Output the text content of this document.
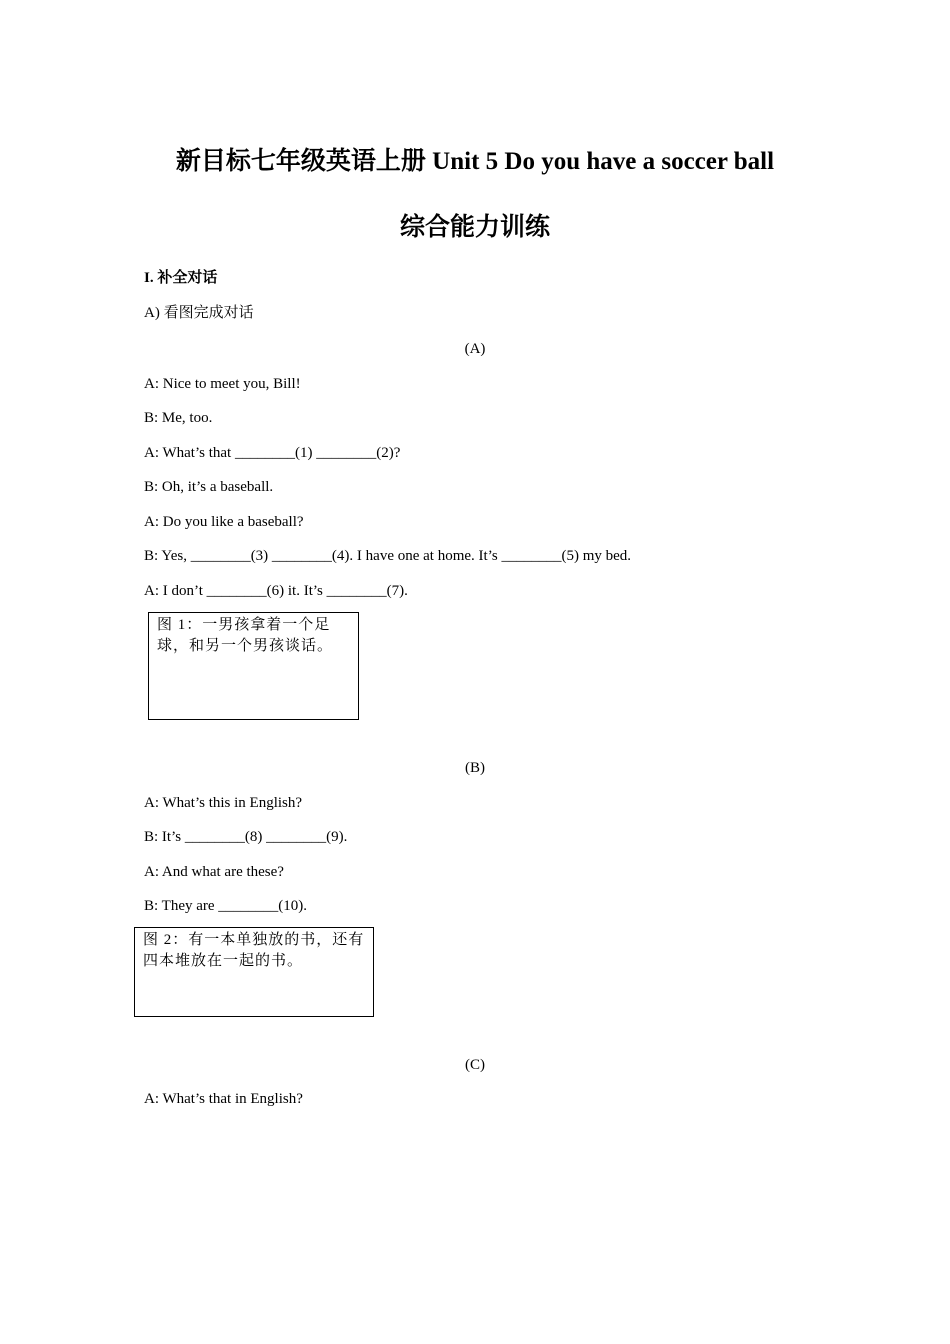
新目标七年级英语上册 Unit 5 Do you have a soccer ball
综合能力训练
I. 补全对话
A) 看图完成对话
(A)
A: Nice to meet you, Bill!
B: Me, too.
A: What’s that ________(1) ________(2)?
B: Oh, it’s a baseball.
A: Do you like a baseball?
B: Yes, ________(3) ________(4). I have one at home. It’s ________(5) my bed.
A: I don’t ________(6) it. It’s ________(7).
图 1：一男孩拿着一个足球，和另一个男孩谈话。
(B)
A: What’s this in English?
B: It’s ________(8) ________(9).
A: And what are these?
B: They are ________(10).
图 2：有一本单独放的书，还有四本堆放在一起的书。
(C)
A: What’s that in English?
